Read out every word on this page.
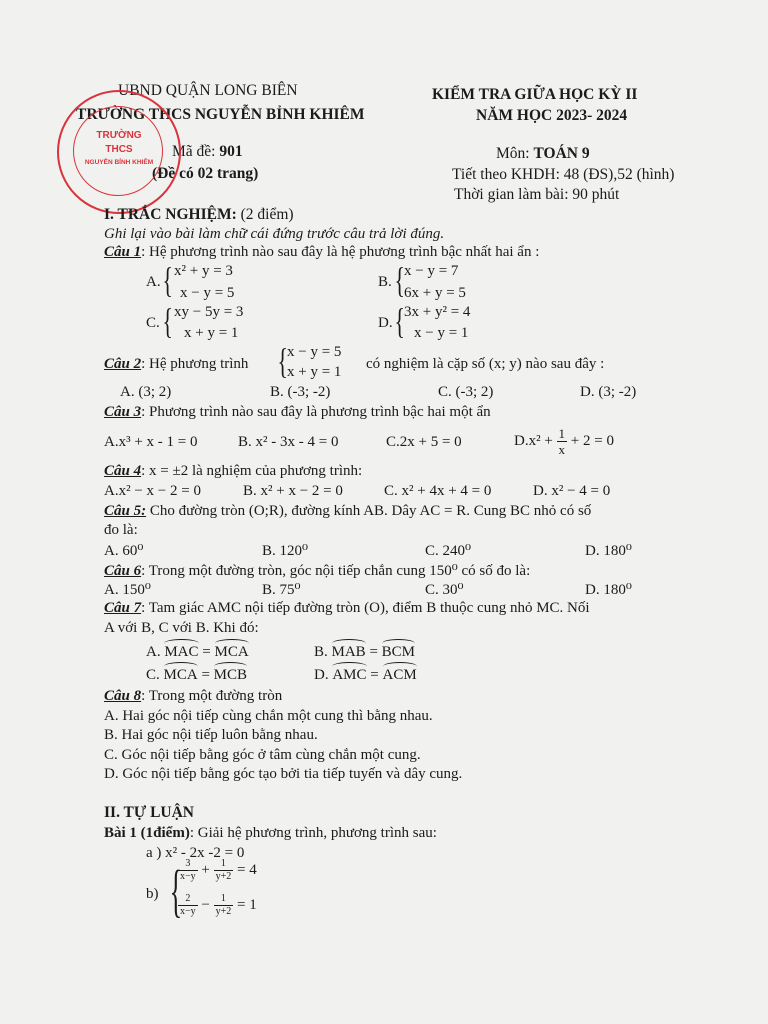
UBND QUẬN LONG BIÊN
TRƯỜNG THCS NGUYỄN BỈNH KHIÊM
Mã đề: 901
(Đề có 02 trang)
KIỂM TRA GIỮA HỌC KỲ II
NĂM HỌC 2023- 2024
Môn: TOÁN 9
Tiết theo KHDH: 48 (ĐS),52 (hình)
Thời gian làm bài: 90 phút
TRƯỜNG
THCS
NGUYỄN BỈNH KHIÊM
I. TRẮC NGHIỆM: (2 điểm)
Ghi lại vào bài làm chữ cái đứng trước câu trả lời đúng.
Câu 1: Hệ phương trình nào sau đây là hệ phương trình bậc nhất hai ẩn :
A. { x² + y = 3
x − y = 5
B. { x − y = 7
6x + y = 5
C. { xy − 5y = 3
x + y = 1
D. { 3x + y² = 4
x − y = 1
Câu 2: Hệ phương trình { x − y = 5
x + y = 1 có nghiệm là cặp số (x; y) nào sau đây :
A. (3; 2)	B. (-3; -2)	C. (-3; 2)	D. (3; -2)
Câu 3: Phương trình nào sau đây là phương trình bậc hai một ẩn
A.x³ + x - 1 = 0	B. x² - 3x - 4 = 0	C.2x + 5 = 0	$D.x^2 + \frac{1}{x} + 2 = 0$
Câu 4: x = ±2 là nghiệm của phương trình:
A.x² − x − 2 = 0	B. x² + x − 2 = 0	C. x² + 4x + 4 = 0	D. x² − 4 = 0
Câu 5: Cho đường tròn (O;R), đường kính AB. Dây AC = R. Cung BC nhỏ có số
đo là:
A. 60⁰	B. 120⁰	C. 240⁰	D. 180⁰
Câu 6: Trong một đường tròn, góc nội tiếp chắn cung 150⁰ có số đo là:
A. 150⁰	B. 75⁰	C. 30⁰	D. 180⁰
Câu 7: Tam giác AMC nội tiếp đường tròn (O), điểm B thuộc cung nhỏ MC. Nối
A với B, C với B. Khi đó:
A. MAC = MCA	B. MAB = BCM
C. MCA = MCB	D. AMC = ACM
Câu 8: Trong một đường tròn
A. Hai góc nội tiếp cùng chắn một cung thì bằng nhau.
B. Hai góc nội tiếp luôn bằng nhau.
C. Góc nội tiếp bằng góc ở tâm cùng chắn một cung.
D. Góc nội tiếp bằng góc tạo bởi tia tiếp tuyến và dây cung.
II. TỰ LUẬN
Bài 1 (1điểm): Giải hệ phương trình, phương trình sau:
a ) x² - 2x -2 = 0
b) {
$\frac{3}{x-y} + \frac{1}{y+2} = 4$
$\frac{2}{x-y} - \frac{1}{y+2} = 1$
